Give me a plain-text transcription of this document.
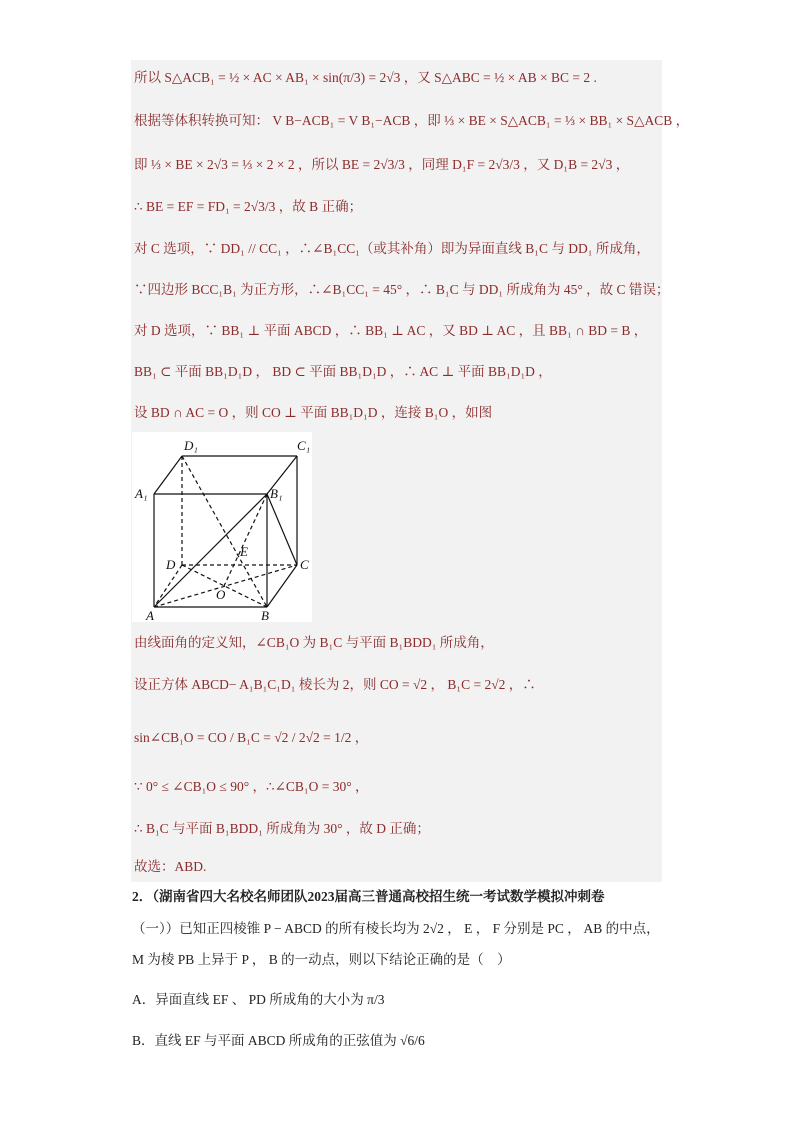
所以 S△ACB₁ = ½ × AC × AB₁ × sin(π/3) = 2√3 ，又 S△ABC = ½ × AB × BC = 2 .
根据等体积转换可知： V B−ACB₁ = V B₁−ACB ，即 ⅓ × BE × S△ACB₁ = ⅓ × BB₁ × S△ACB ，
即 ⅓ × BE × 2√3 = ⅓ × 2 × 2 ，所以 BE = 2√3/3 ，同理 D₁F = 2√3/3 ，又 D₁B = 2√3 ，
∴ BE = EF = FD₁ = 2√3/3 ，故 B 正确；
对 C 选项，∵ DD₁ // CC₁ ，∴∠B₁CC₁（或其补角）即为异面直线 B₁C 与 DD₁ 所成角，
∵四边形 BCC₁B₁ 为正方形，∴∠B₁CC₁ = 45° ，∴ B₁C 与 DD₁ 所成角为 45° ，故 C 错误；
对 D 选项，∵ BB₁ ⊥ 平面 ABCD ，∴ BB₁ ⊥ AC ，又 BD ⊥ AC ，且 BB₁ ∩ BD = B ，
BB₁ ⊂ 平面 BB₁D₁D ， BD ⊂ 平面 BB₁D₁D ，∴ AC ⊥ 平面 BB₁D₁D ，
设 BD ∩ AC = O ，则 CO ⊥ 平面 BB₁D₁D ，连接 B₁O ，如图
D₁	C₁
A₁	B₁
D
E
C
O
A	B
由线面角的定义知，∠CB₁O 为 B₁C 与平面 B₁BDD₁ 所成角，
设正方体 ABCD− A₁B₁C₁D₁ 棱长为 2，则 CO = √2 ， B₁C = 2√2 ，∴
sin∠CB₁O = CO / B₁C = √2 / 2√2 = 1/2 ，
∵ 0° ≤ ∠CB₁O ≤ 90° ，∴∠CB₁O = 30° ，
∴ B₁C 与平面 B₁BDD₁ 所成角为 30° ，故 D 正确；
故选：ABD.
2．（湖南省四大名校名师团队2023届高三普通高校招生统一考试数学模拟冲刺卷
（一））已知正四棱锥 P − ABCD 的所有棱长均为 2√2 ， E ， F 分别是 PC ， AB 的中点，
M 为棱 PB 上异于 P ， B 的一动点，则以下结论正确的是（　）
A．异面直线 EF 、 PD 所成角的大小为 π/3
B．直线 EF 与平面 ABCD 所成角的正弦值为 √6/6
